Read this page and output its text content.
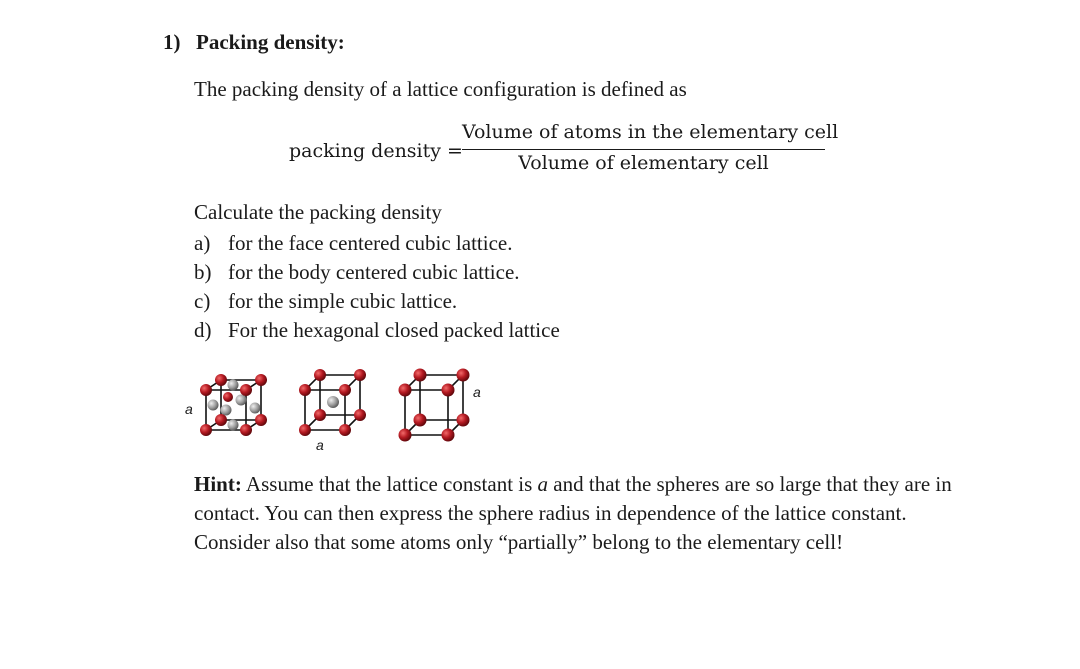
1) Packing density:
The packing density of a lattice configuration is defined as
packing density =
Volume of atoms in the elementary cell
Volume of elementary cell
Calculate the packing density
a) for the face centered cubic lattice.
b) for the body centered cubic lattice.
c) for the simple cubic lattice.
d) For the hexagonal closed packed lattice
a
a
a
Hint: Assume that the lattice constant is a and that the spheres are so large that they are in contact. You can then express the sphere radius in dependence of the lattice constant. Consider also that some atoms only “partially” belong to the elementary cell!
